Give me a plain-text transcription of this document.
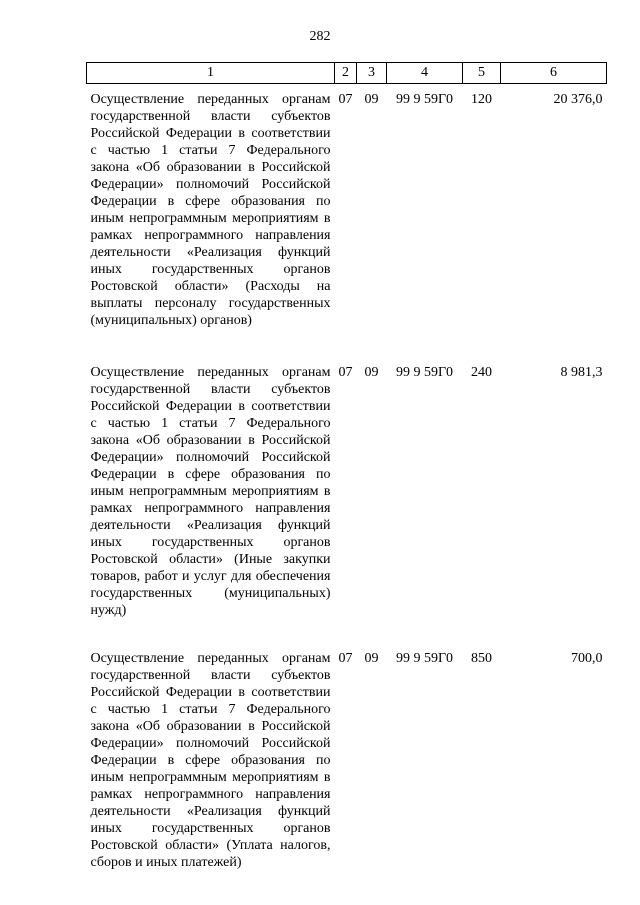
282
1	2	3	4	5	6
Осуществление переданных органам государственной власти субъектов Российской Федерации в соответствии с частью 1 статьи 7 Федерального закона «Об образовании в Российской Федерации» полномочий Российской Федерации в сфере образования по иным непрограммным мероприятиям в рамках непрограммного направления деятельности «Реализация функций иных государственных органов Ростовской области» (Расходы на выплаты персоналу государственных (муниципальных) органов)	07	09	99 9 59Г0	120	20 376,0
Осуществление переданных органам государственной власти субъектов Российской Федерации в соответствии с частью 1 статьи 7 Федерального закона «Об образовании в Российской Федерации» полномочий Российской Федерации в сфере образования по иным непрограммным мероприятиям в рамках непрограммного направления деятельности «Реализация функций иных государственных органов Ростовской области» (Иные закупки товаров, работ и услуг для обеспечения государственных (муниципальных) нужд)	07	09	99 9 59Г0	240	8 981,3
Осуществление переданных органам государственной власти субъектов Российской Федерации в соответствии с частью 1 статьи 7 Федерального закона «Об образовании в Российской Федерации» полномочий Российской Федерации в сфере образования по иным непрограммным мероприятиям в рамках непрограммного направления деятельности «Реализация функций иных государственных органов Ростовской области» (Уплата налогов, сборов и иных платежей)	07	09	99 9 59Г0	850	700,0
